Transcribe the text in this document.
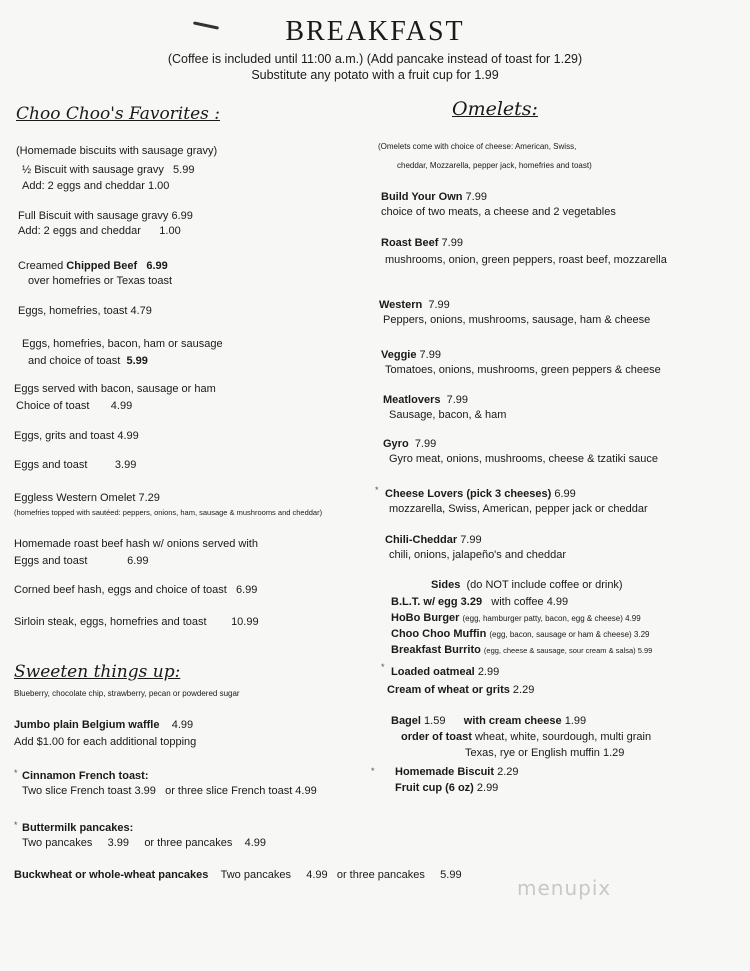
BREAKFAST
(Coffee is included until 11:00 a.m.) (Add pancake instead of toast for 1.29)
Substitute any potato with a fruit cup for 1.99
Choo Choo's Favorites :
(Homemade biscuits with sausage gravy)
½ Biscuit with sausage gravy 5.99
Add: 2 eggs and cheddar 1.00
Full Biscuit with sausage gravy 6.99
Add: 2 eggs and cheddar 1.00
Creamed Chipped Beef 6.99
over homefries or Texas toast
Eggs, homefries, toast 4.79
Eggs, homefries, bacon, ham or sausage
and choice of toast 5.99
Eggs served with bacon, sausage or ham
Choice of toast 4.99
Eggs, grits and toast 4.99
Eggs and toast	3.99
Eggless Western Omelet 7.29
(homefries topped with sautéed: peppers, onions, ham, sausage & mushrooms and cheddar)
Homemade roast beef hash w/ onions served with
Eggs and toast	6.99
Corned beef hash, eggs and choice of toast 6.99
Sirloin steak, eggs, homefries and toast 10.99
Sweeten things up:
Blueberry, chocolate chip, strawberry, pecan or powdered sugar
Jumbo plain Belgium waffle 4.99
Add $1.00 for each additional topping
* Cinnamon French toast:
Two slice French toast 3.99 or three slice French toast 4.99
* Buttermilk pancakes:
Two pancakes 3.99 or three pancakes 4.99
Buckwheat or whole-wheat pancakes Two pancakes 4.99 or three pancakes 5.99
Omelets:
(Omelets come with choice of cheese: American, Swiss,
cheddar, Mozzarella, pepper jack, homefries and toast)
Build Your Own 7.99
choice of two meats, a cheese and 2 vegetables
Roast Beef 7.99
mushrooms, onion, green peppers, roast beef, mozzarella
Western 7.99
Peppers, onions, mushrooms, sausage, ham & cheese
Veggie 7.99
Tomatoes, onions, mushrooms, green peppers & cheese
Meatlovers 7.99
Sausage, bacon, & ham
Gyro 7.99
Gyro meat, onions, mushrooms, cheese & tzatiki sauce
* Cheese Lovers (pick 3 cheeses) 6.99
mozzarella, Swiss, American, pepper jack or cheddar
Chili-Cheddar 7.99
chili, onions, jalapeño's and cheddar
Sides (do NOT include coffee or drink)
B.L.T. w/ egg 3.29 with coffee 4.99
HoBo Burger (egg, hamburger patty, bacon, egg & cheese) 4.99
Choo Choo Muffin (egg, bacon, sausage or ham & cheese) 3.29
Breakfast Burrito (egg, cheese & sausage, sour cream & salsa) 5.99
* Loaded oatmeal 2.99
Cream of wheat or grits 2.29
Bagel 1.59 with cream cheese 1.99
order of toast wheat, white, sourdough, multi grain
Texas, rye or English muffin 1.29
* Homemade Biscuit 2.29
Fruit cup (6 oz) 2.99
menupix
